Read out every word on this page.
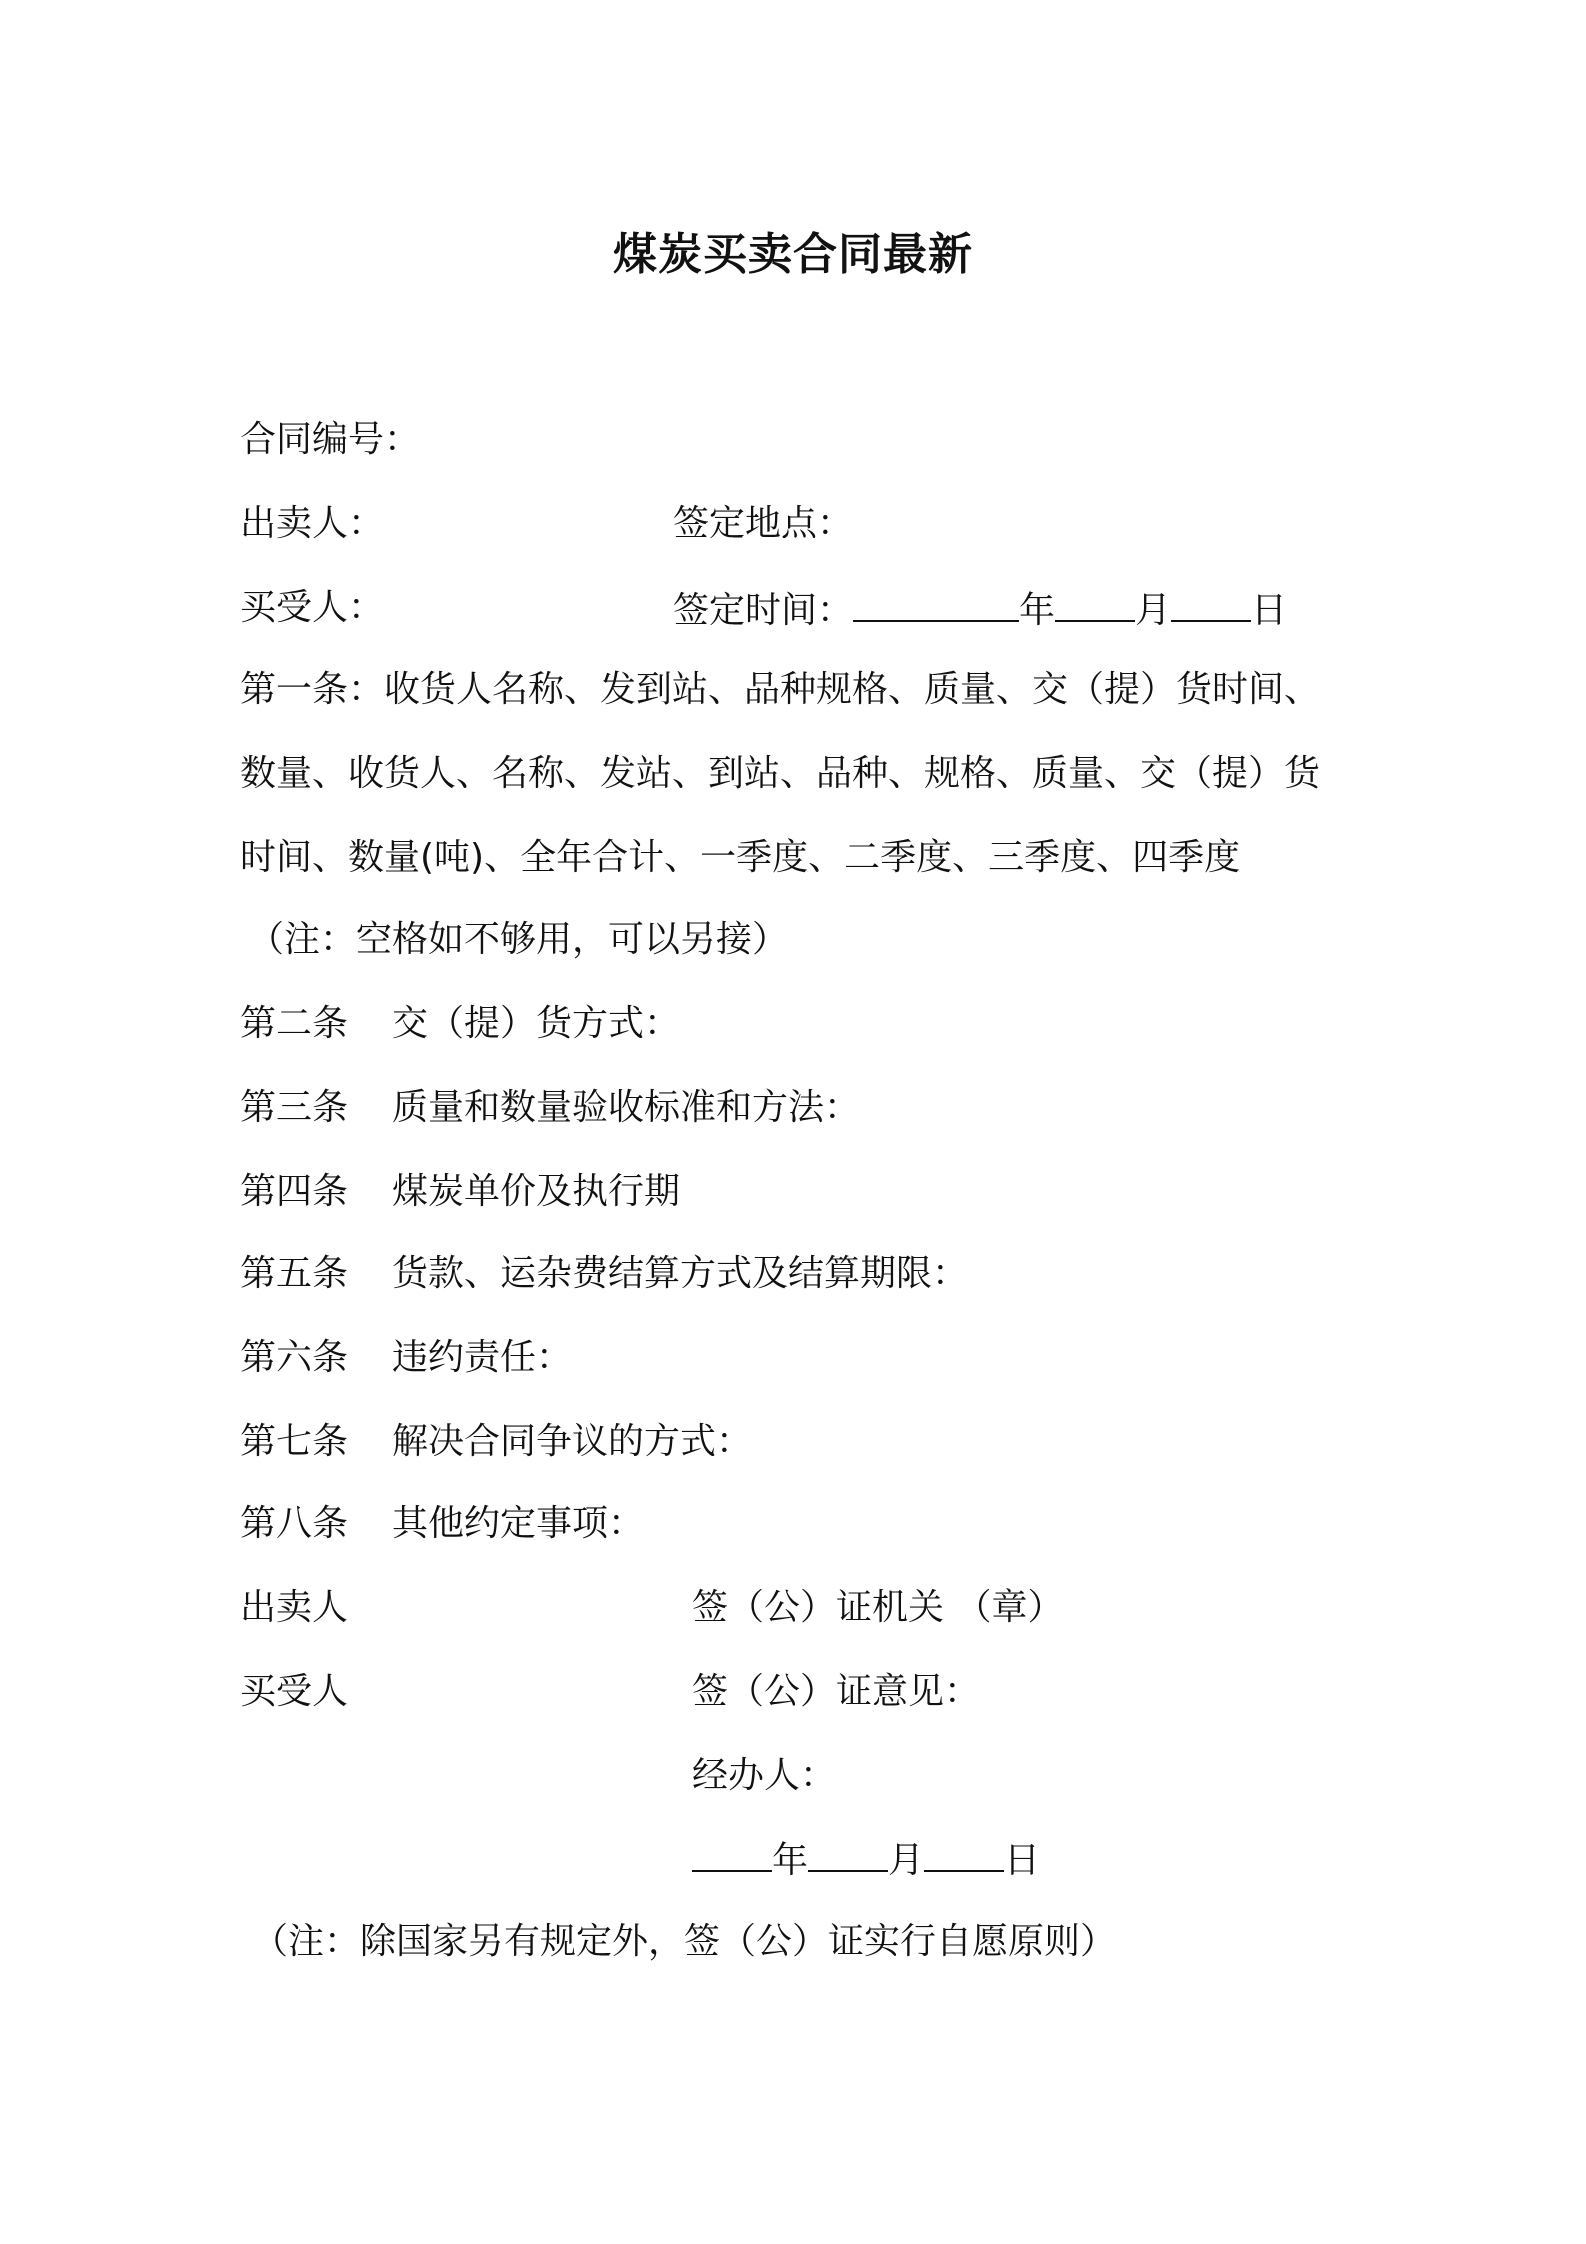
煤炭买卖合同最新
合同编号：
出卖人：	签定地点：
买受人：	签定时间：	年 月 日
第一条：收货人名称、发到站、品种规格、质量、交（提）货时间、
数量、收货人、名称、发站、到站、品种、规格、质量、交（提）货
时间、数量(吨)、全年合计、一季度、二季度、三季度、四季度
（注：空格如不够用，可以另接）
第二条 交（提）货方式：
第三条 质量和数量验收标准和方法：
第四条 煤炭单价及执行期
第五条 货款、运杂费结算方式及结算期限：
第六条 违约责任：
第七条 解决合同争议的方式：
第八条 其他约定事项：
出卖人	签（公）证机关 （章）
买受人	签（公）证意见：
经办人：
年 月 日
（注：除国家另有规定外，签（公）证实行自愿原则）
